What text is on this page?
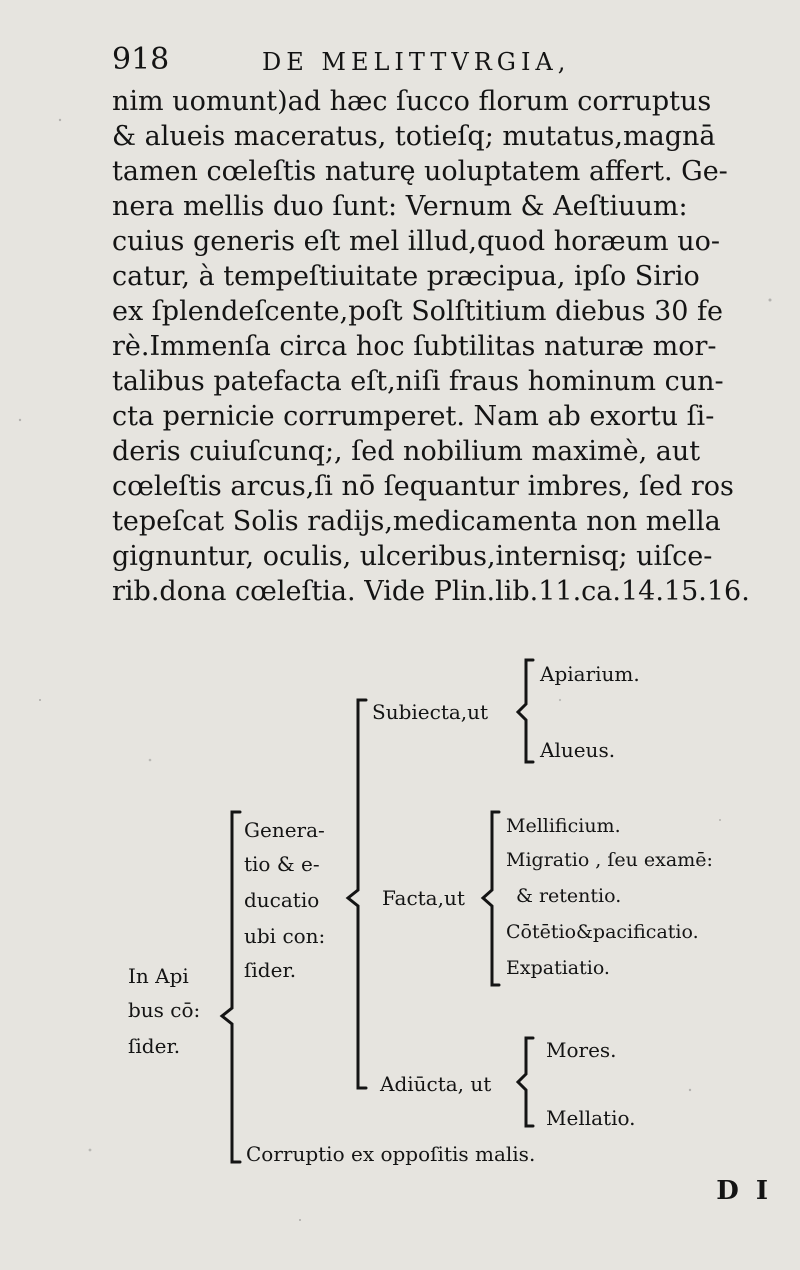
918	DE MELITTVRGIA,
nim uomunt)ad hæc ſucco florum corruptus
& alueis maceratus, totieſq; mutatus,magnā
tamen cœleſtis naturę uoluptatem affert. Ge-
nera mellis duo ſunt: Vernum & Aeſtiuum:
cuius generis eſt mel illud,quod horæum uo-
catur, à tempeſtiuitate præcipua, ipſo Sirio
ex ſplendeſcente,poſt Solſtitium diebus 30 fe
rè.Immenſa circa hoc ſubtilitas naturæ mor-
talibus patefacta eſt,niſi fraus hominum cun-
cta pernicie corrumperet. Nam ab exortu ſi-
deris cuiuſcunq;, ſed nobilium maximè, aut
cœleſtis arcus,ſi nō ſequantur imbres, ſed ros
tepeſcat Solis radijs,medicamenta non mella
gignuntur, oculis, ulceribus,internisq; uiſce-
rib.dona cœleſtia. Vide Plin.lib.11.ca.14.15.16.
In Api
bus cō:
ſider.
Genera-
tio & e-
ducatio
ubi con:
ſider.
Subiecta,ut
Apiarium.
Alueus.
Facta,ut
Mellificium.
Migratio , ſeu examē:
& retentio.
Cōtētio&pacificatio.
Expatiatio.
Adiūcta, ut
Mores.
Mellatio.
Corruptio ex oppoſitis malis.
D I
